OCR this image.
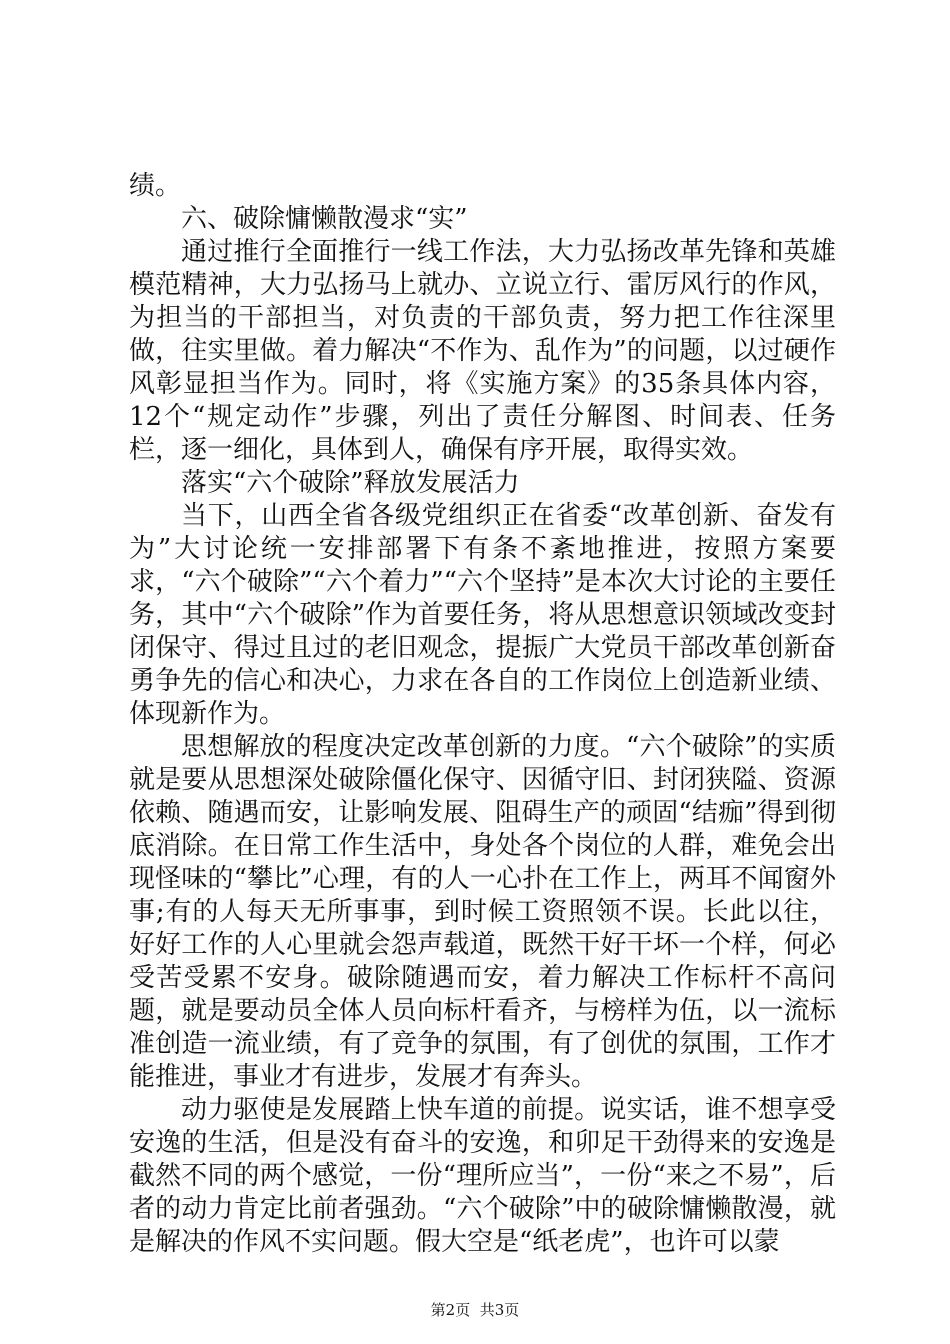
绩。

六、破除慵懒散漫求“实”

通过推行全面推行一线工作法，大力弘扬改革先锋和英雄模范精神，大力弘扬马上就办、立说立行、雷厉风行的作风，为担当的干部担当，对负责的干部负责，努力把工作往深里做，往实里做。着力解决“不作为、乱作为”的问题，以过硬作风彰显担当作为。同时，将《实施方案》的35条具体内容，12个“规定动作”步骤，列出了责任分解图、时间表、任务栏，逐一细化，具体到人，确保有序开展，取得实效。

落实“六个破除”释放发展活力

当下，山西全省各级党组织正在省委“改革创新、奋发有为”大讨论统一安排部署下有条不紊地推进，按照方案要求，“六个破除”“六个着力”“六个坚持”是本次大讨论的主要任务，其中“六个破除”作为首要任务，将从思想意识领域改变封闭保守、得过且过的老旧观念，提振广大党员干部改革创新奋勇争先的信心和决心，力求在各自的工作岗位上创造新业绩、体现新作为。

思想解放的程度决定改革创新的力度。“六个破除”的实质就是要从思想深处破除僵化保守、因循守旧、封闭狭隘、资源依赖、随遇而安，让影响发展、阻碍生产的顽固“结痂”得到彻底消除。在日常工作生活中，身处各个岗位的人群，难免会出现怪味的“攀比”心理，有的人一心扑在工作上，两耳不闻窗外事;有的人每天无所事事，到时候工资照领不误。长此以往，好好工作的人心里就会怨声载道，既然干好干坏一个样，何必受苦受累不安身。破除随遇而安，着力解决工作标杆不高问题，就是要动员全体人员向标杆看齐，与榜样为伍，以一流标准创造一流业绩，有了竞争的氛围，有了创优的氛围，工作才能推进，事业才有进步，发展才有奔头。

动力驱使是发展踏上快车道的前提。说实话，谁不想享受安逸的生活，但是没有奋斗的安逸，和卯足干劲得来的安逸是截然不同的两个感觉，一份“理所应当”，一份“来之不易”，后者的动力肯定比前者强劲。“六个破除”中的破除慵懒散漫，就是解决的作风不实问题。假大空是“纸老虎”，也许可以蒙

第2页 共3页
